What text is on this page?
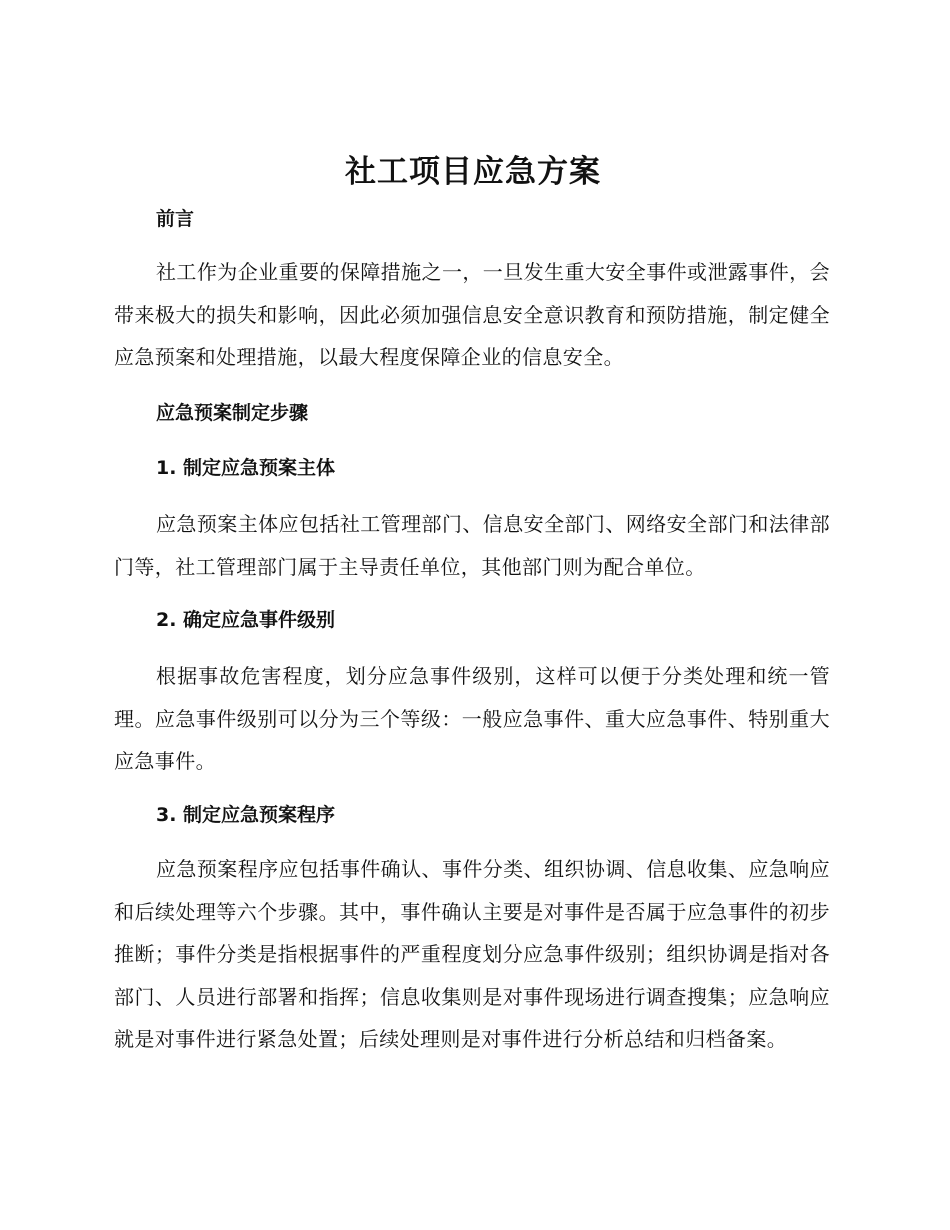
社工项目应急方案
前言

社工作为企业重要的保障措施之一，一旦发生重大安全事件或泄露事件，会带来极大的损失和影响，因此必须加强信息安全意识教育和预防措施，制定健全应急预案和处理措施，以最大程度保障企业的信息安全。

应急预案制定步骤
1. 制定应急预案主体

应急预案主体应包括社工管理部门、信息安全部门、网络安全部门和法律部门等，社工管理部门属于主导责任单位，其他部门则为配合单位。

2. 确定应急事件级别

根据事故危害程度，划分应急事件级别，这样可以便于分类处理和统一管理。应急事件级别可以分为三个等级：一般应急事件、重大应急事件、特别重大应急事件。

3. 制定应急预案程序

应急预案程序应包括事件确认、事件分类、组织协调、信息收集、应急响应和后续处理等六个步骤。其中，事件确认主要是对事件是否属于应急事件的初步推断；事件分类是指根据事件的严重程度划分应急事件级别；组织协调是指对各部门、人员进行部署和指挥；信息收集则是对事件现场进行调查搜集；应急响应就是对事件进行紧急处置；后续处理则是对事件进行分析总结和归档备案。
